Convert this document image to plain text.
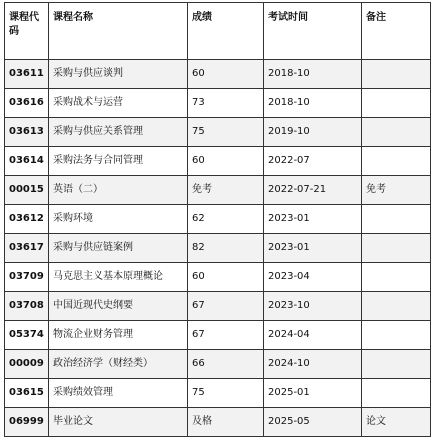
课程代码	课程名称	成绩	考试时间	备注
03611	采购与供应谈判	60	2018-10	
03616	采购战术与运营	73	2018-10	
03613	采购与供应关系管理	75	2019-10	
03614	采购法务与合同管理	60	2022-07	
00015	英语（二）	免考	2022-07-21	免考
03612	采购环境	62	2023-01	
03617	采购与供应链案例	82	2023-01	
03709	马克思主义基本原理概论	60	2023-04	
03708	中国近现代史纲要	67	2023-10	
05374	物流企业财务管理	67	2024-04	
00009	政治经济学（财经类）	66	2024-10	
03615	采购绩效管理	75	2025-01	
06999	毕业论文	及格	2025-05	论文
